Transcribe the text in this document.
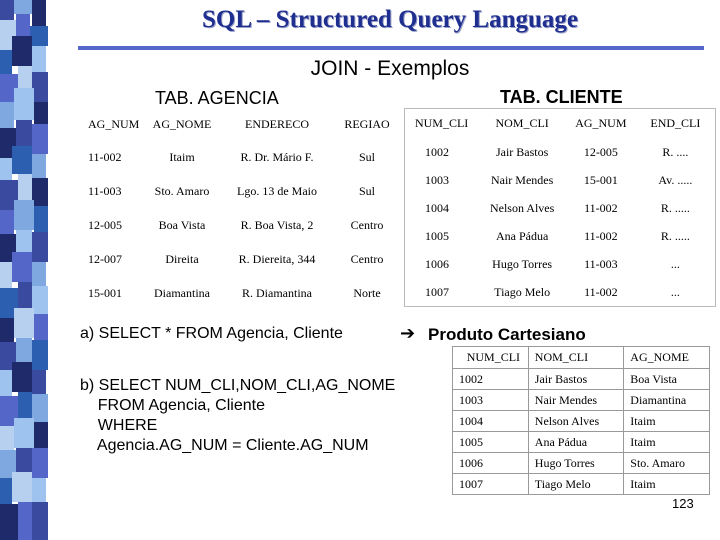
SQL – Structured Query Language
JOIN - Exemplos
TAB. AGENCIA	TAB. CLIENTE
AG_NUM	AG_NOME	ENDERECO	REGIAO
11-002	Itaim	R. Dr. Mário F.	Sul
11-003	Sto. Amaro	Lgo. 13 de Maio	Sul
12-005	Boa Vista	R. Boa Vista, 2	Centro
12-007	Direita	R. Diereita, 344	Centro
15-001	Diamantina	R. Diamantina	Norte
NUM_CLI	NOM_CLI	AG_NUM	END_CLI
1002	Jair Bastos	12-005	R. ....
1003	Nair Mendes	15-001	Av. .....
1004	Nelson Alves	11-002	R. .....
1005	Ana Pádua	11-002	R. .....
1006	Hugo Torres	11-003	...
1007	Tiago Melo	11-002	...
a) SELECT * FROM Agencia, Cliente	➔ Produto Cartesiano
b) SELECT NUM_CLI,NOM_CLI,AG_NOME
FROM Agencia, Cliente
WHERE
Agencia.AG_NUM = Cliente.AG_NUM
NUM_CLI	NOM_CLI	AG_NOME
1002	Jair Bastos	Boa Vista
1003	Nair Mendes	Diamantina
1004	Nelson Alves	Itaim
1005	Ana Pádua	Itaim
1006	Hugo Torres	Sto. Amaro
1007	Tiago Melo	Itaim
123
